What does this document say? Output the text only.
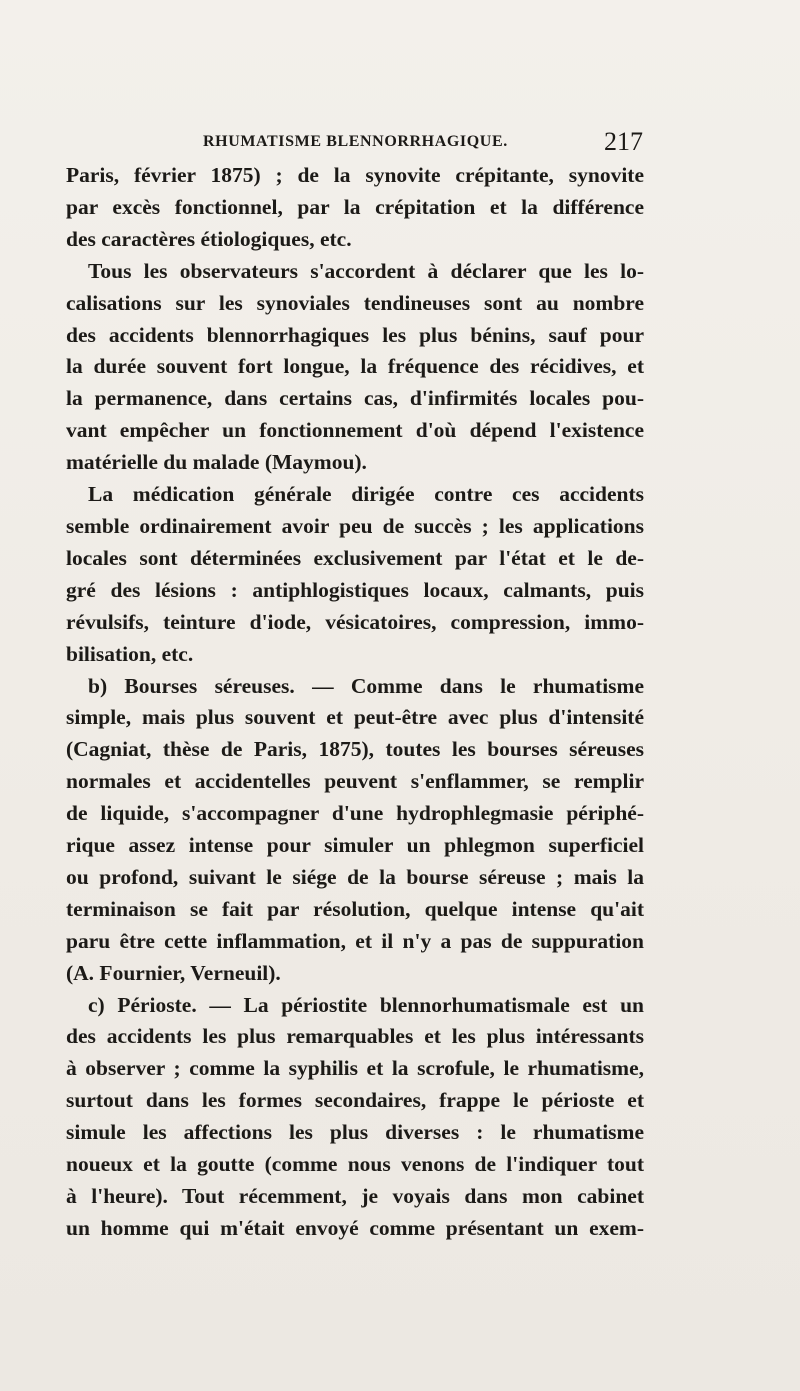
RHUMATISME BLENNORRHAGIQUE.	217

Paris, février 1875) ; de la synovite crépitante, synovite
par excès fonctionnel, par la crépitation et la différence
des caractères étiologiques, etc.

Tous les observateurs s'accordent à déclarer que les lo-
calisations sur les synoviales tendineuses sont au nombre
des accidents blennorrhagiques les plus bénins, sauf pour
la durée souvent fort longue, la fréquence des récidives, et
la permanence, dans certains cas, d'infirmités locales pou-
vant empêcher un fonctionnement d'où dépend l'existence
matérielle du malade (Maymou).

La médication générale dirigée contre ces accidents
semble ordinairement avoir peu de succès ; les applications
locales sont déterminées exclusivement par l'état et le de-
gré des lésions : antiphlogistiques locaux, calmants, puis
révulsifs, teinture d'iode, vésicatoires, compression, immo-
bilisation, etc.

b) Bourses séreuses. — Comme dans le rhumatisme
simple, mais plus souvent et peut-être avec plus d'intensité
(Cagniat, thèse de Paris, 1875), toutes les bourses séreuses
normales et accidentelles peuvent s'enflammer, se remplir
de liquide, s'accompagner d'une hydrophlegmasie périphé-
rique assez intense pour simuler un phlegmon superficiel
ou profond, suivant le siége de la bourse séreuse ; mais la
terminaison se fait par résolution, quelque intense qu'ait
paru être cette inflammation, et il n'y a pas de suppuration
(A. Fournier, Verneuil).

c) Périoste. — La périostite blennorhumatismale est un
des accidents les plus remarquables et les plus intéressants
à observer ; comme la syphilis et la scrofule, le rhumatisme,
surtout dans les formes secondaires, frappe le périoste et
simule les affections les plus diverses : le rhumatisme
noueux et la goutte (comme nous venons de l'indiquer tout
à l'heure). Tout récemment, je voyais dans mon cabinet
un homme qui m'était envoyé comme présentant un exem-
